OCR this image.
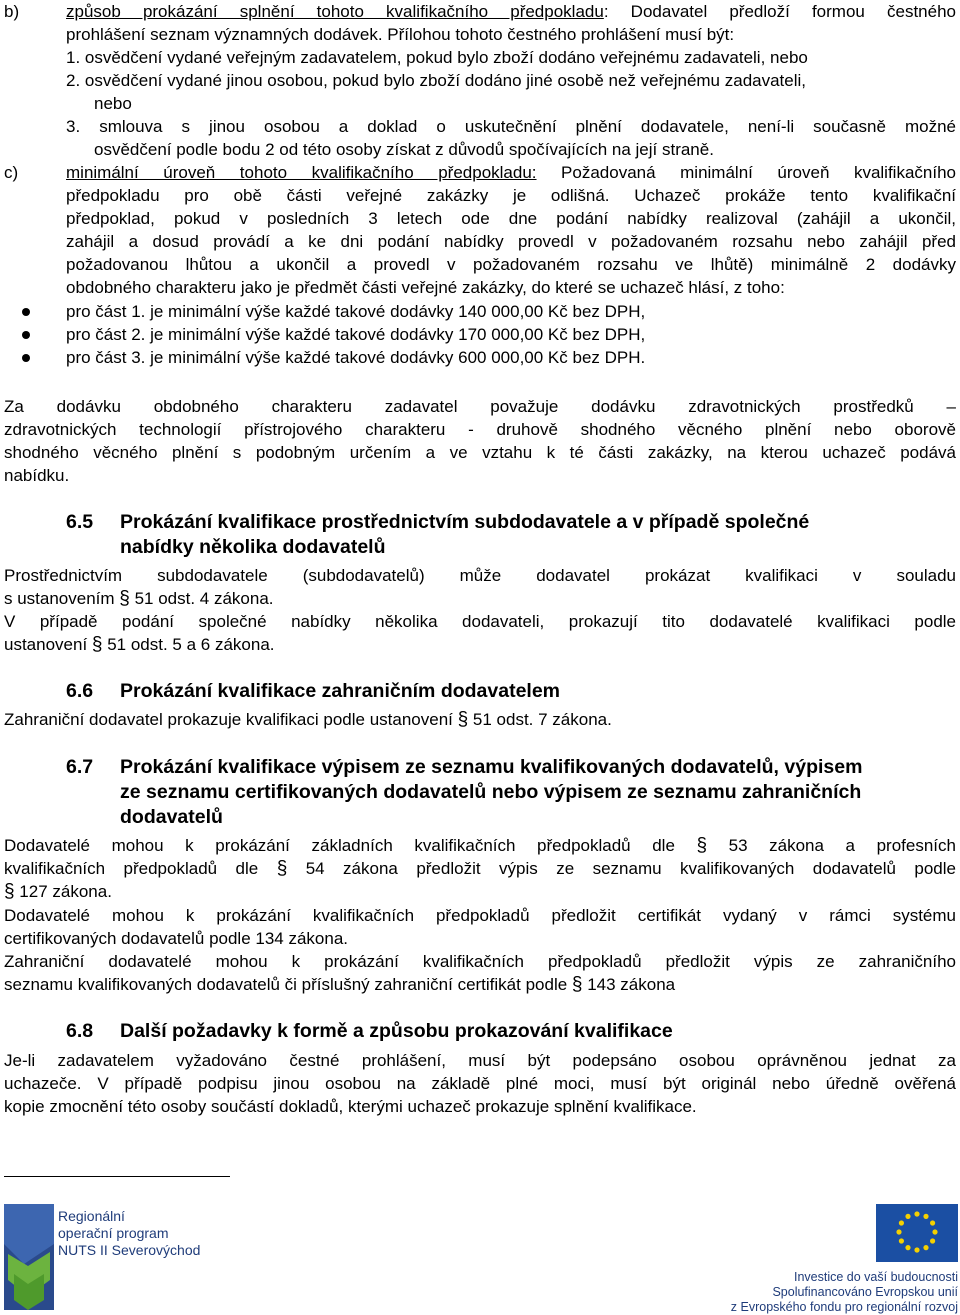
b)	způsob prokázání splnění tohoto kvalifikačního předpokladu: Dodavatel předloží formou čestného
prohlášení seznam významných dodávek. Přílohou tohoto čestného prohlášení musí být:
1. osvědčení vydané veřejným zadavatelem, pokud bylo zboží dodáno veřejnému zadavateli, nebo
2. osvědčení vydané jinou osobou, pokud bylo zboží dodáno jiné osobě než veřejnému zadavateli,
nebo
3. smlouva s jinou osobou a doklad o uskutečnění plnění dodavatele, není-li současně možné
osvědčení podle bodu 2 od této osoby získat z důvodů spočívajících na její straně.
c)	minimální úroveň tohoto kvalifikačního předpokladu: Požadovaná minimální úroveň kvalifikačního
předpokladu pro obě části veřejné zakázky je odlišná. Uchazeč prokáže tento kvalifikační
předpoklad, pokud v posledních 3 letech ode dne podání nabídky realizoval (zahájil a ukončil,
zahájil a dosud provádí a ke dni podání nabídky provedl v požadovaném rozsahu nebo zahájil před
požadovanou lhůtou a ukončil a provedl v požadovaném rozsahu ve lhůtě) minimálně 2 dodávky
obdobného charakteru jako je předmět části veřejné zakázky, do které se uchazeč hlásí, z toho:
pro část 1. je minimální výše každé takové dodávky 140 000,00 Kč bez DPH,
pro část 2. je minimální výše každé takové dodávky 170 000,00 Kč bez DPH,
pro část 3. je minimální výše každé takové dodávky 600 000,00 Kč bez DPH.
Za dodávku obdobného charakteru zadavatel považuje dodávku zdravotnických prostředků –
zdravotnických technologií přístrojového charakteru - druhově shodného věcného plnění nebo oborově
shodného věcného plnění s podobným určením a ve vztahu k té části zakázky, na kterou uchazeč podává
nabídku.
6.5 Prokázání kvalifikace prostřednictvím subdodavatele a v případě společné
nabídky několika dodavatelů
Prostřednictvím subdodavatele (subdodavatelů) může dodavatel prokázat kvalifikaci v souladu
s ustanovením § 51 odst. 4 zákona.
V případě podání společné nabídky několika dodavateli, prokazují tito dodavatelé kvalifikaci podle
ustanovení § 51 odst. 5 a 6 zákona.
6.6 Prokázání kvalifikace zahraničním dodavatelem
Zahraniční dodavatel prokazuje kvalifikaci podle ustanovení § 51 odst. 7 zákona.
6.7 Prokázání kvalifikace výpisem ze seznamu kvalifikovaných dodavatelů, výpisem
ze seznamu certifikovaných dodavatelů nebo výpisem ze seznamu zahraničních
dodavatelů
Dodavatelé mohou k prokázání základních kvalifikačních předpokladů dle § 53 zákona a profesních
kvalifikačních předpokladů dle § 54 zákona předložit výpis ze seznamu kvalifikovaných dodavatelů podle
§ 127 zákona.
Dodavatelé mohou k prokázání kvalifikačních předpokladů předložit certifikát vydaný v rámci systému
certifikovaných dodavatelů podle 134 zákona.
Zahraniční dodavatelé mohou k prokázání kvalifikačních předpokladů předložit výpis ze zahraničního
seznamu kvalifikovaných dodavatelů či příslušný zahraniční certifikát podle § 143 zákona
6.8 Další požadavky k formě a způsobu prokazování kvalifikace
Je-li zadavatelem vyžadováno čestné prohlášení, musí být podepsáno osobou oprávněnou jednat za
uchazeče. V případě podpisu jinou osobou na základě plné moci, musí být originál nebo úředně ověřená
kopie zmocnění této osoby součástí dokladů, kterými uchazeč prokazuje splnění kvalifikace.
Regionální
operační program
NUTS II Severovýchod
Investice do vaší budoucnosti
Spolufinancováno Evropskou unií
z Evropského fondu pro regionální rozvoj
